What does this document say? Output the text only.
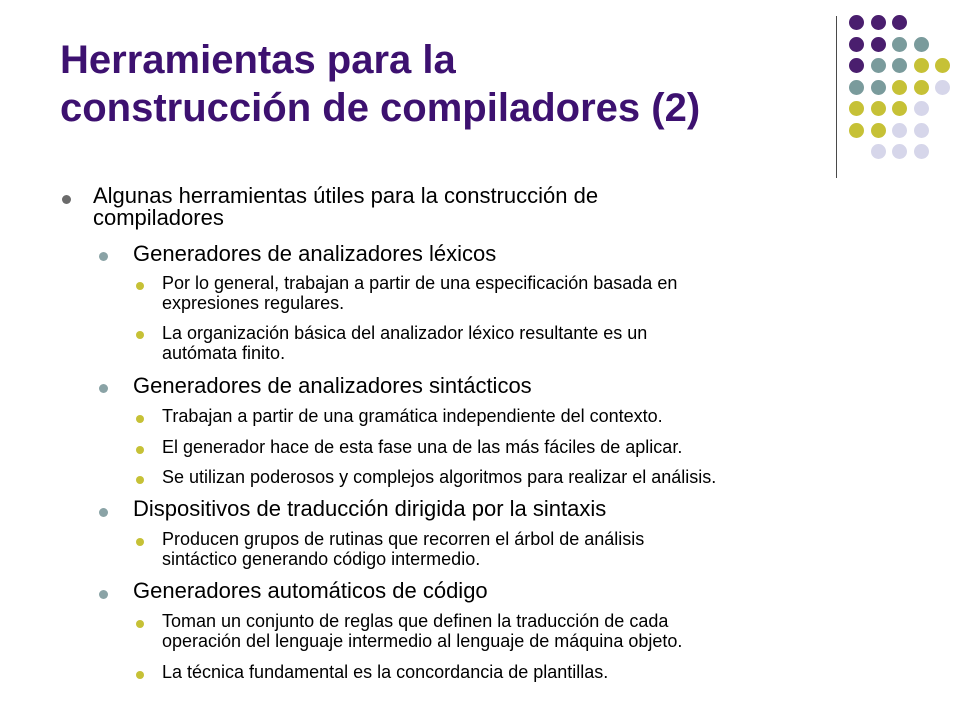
Herramientas para la
construcción de compiladores (2)
Algunas herramientas útiles para la construcción de
compiladores
Generadores de analizadores léxicos
Por lo general, trabajan a partir de una especificación basada en
expresiones regulares.
La organización básica del analizador léxico resultante es un
autómata finito.
Generadores de analizadores sintácticos
Trabajan a partir de una gramática independiente del contexto.
El generador hace de esta fase una de las más fáciles de aplicar.
Se utilizan poderosos y complejos algoritmos para realizar el análisis.
Dispositivos de traducción dirigida por la sintaxis
Producen grupos de rutinas que recorren el árbol de análisis
sintáctico generando código intermedio.
Generadores automáticos de código
Toman un conjunto de reglas que definen la traducción de cada
operación del lenguaje intermedio al lenguaje de máquina objeto.
La técnica fundamental es la concordancia de plantillas.
